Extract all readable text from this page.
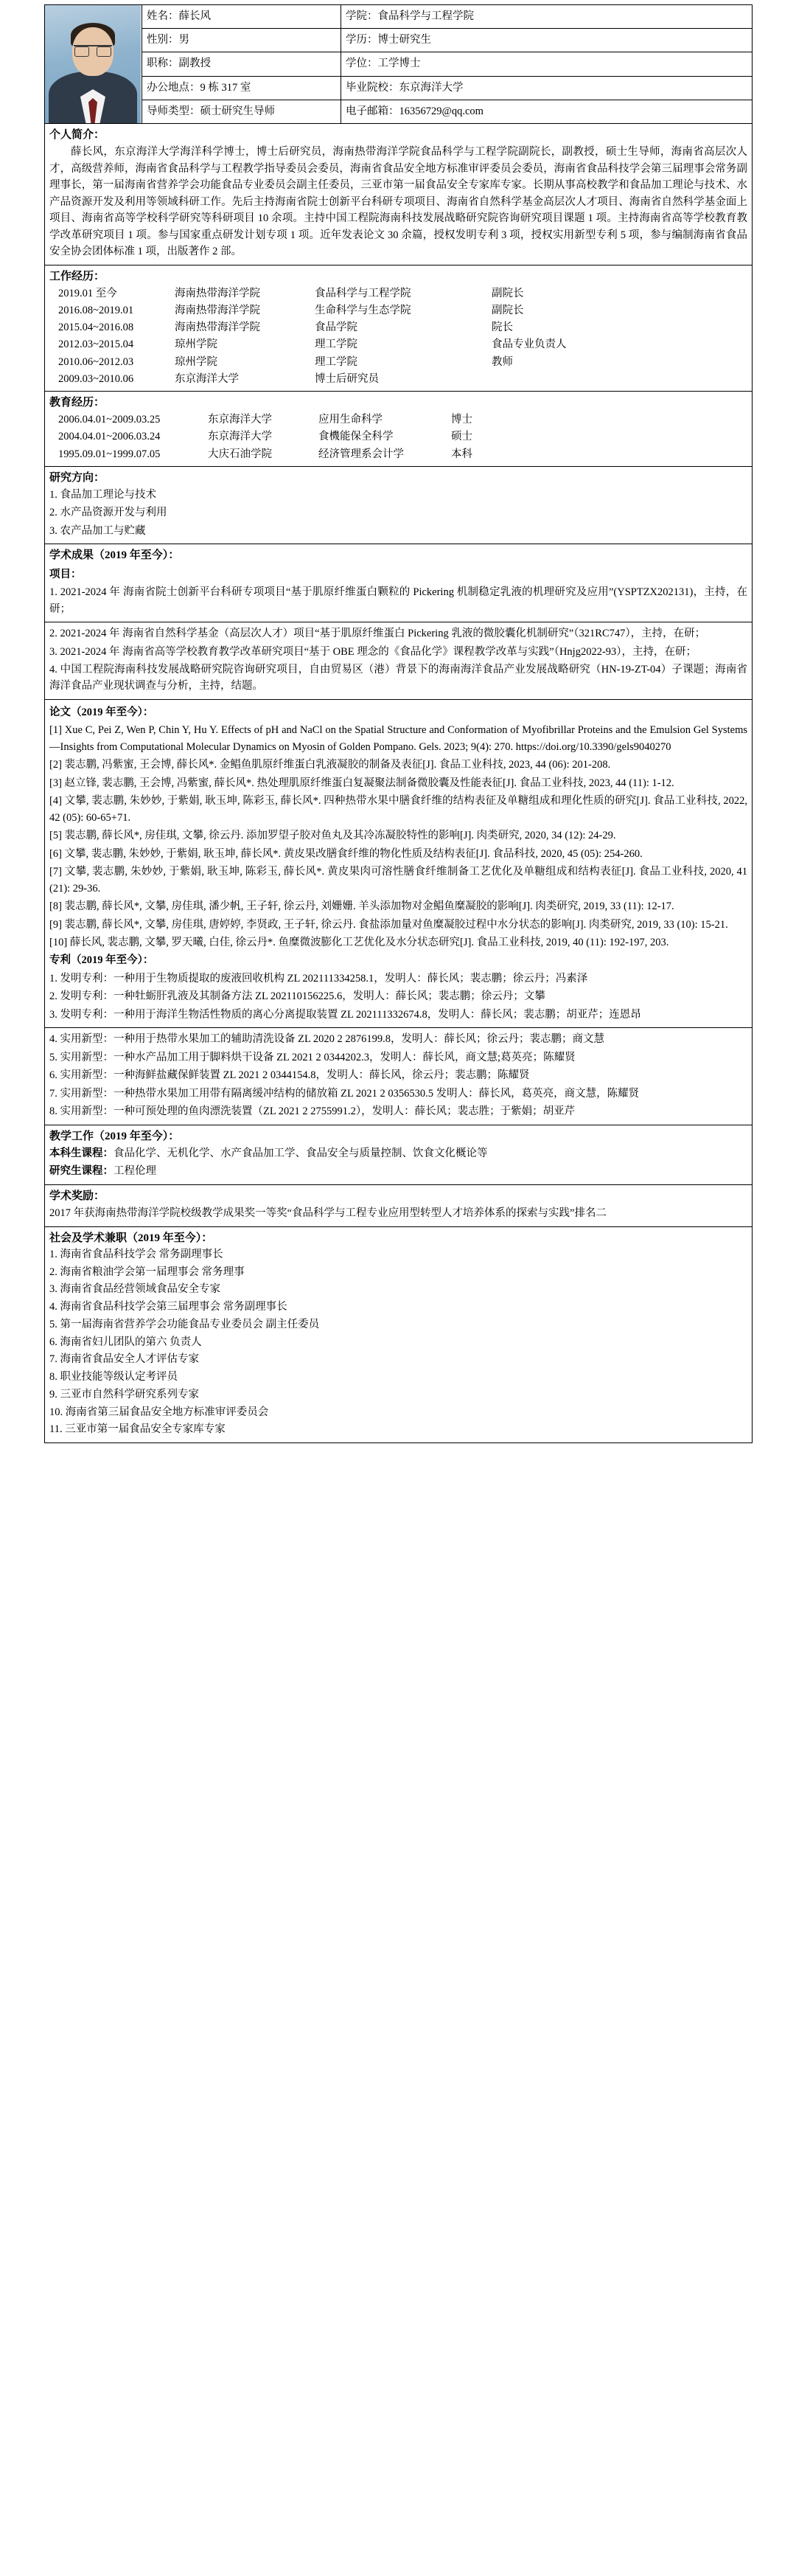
	姓名：薛长风	学院：食品科学与工程学院
	性别：男	学历：博士研究生
	职称：副教授	学位：工学博士
	办公地点：9 栋 317 室	毕业院校：东京海洋大学
	导师类型：硕士研究生导师	电子邮箱：16356729@qq.com

个人简介：

薛长风，东京海洋大学海洋科学博士，博士后研究员，海南热带海洋学院食品科学与工程学院副院长，副教授，硕士生导师，海南省高层次人才，高级营养师，海南省食品科学与工程教学指导委员会委员，海南省食品安全地方标准审评委员会委员，海南省食品科技学会第三届理事会常务副理事长，第一届海南省营养学会功能食品专业委员会副主任委员，三亚市第一届食品安全专家库专家。长期从事高校教学和食品加工理论与技术、水产品资源开发及利用等领域科研工作。先后主持海南省院士创新平台科研专项项目、海南省自然科学基金高层次人才项目、海南省自然科学基金面上项目、海南省高等学校科学研究等科研项目 10 余项。主持中国工程院海南科技发展战略研究院咨询研究项目课题 1 项。主持海南省高等学校教育教学改革研究项目 1 项。参与国家重点研发计划专项 1 项。近年发表论文 30 余篇，授权发明专利 3 项，授权实用新型专利 5 项，参与编制海南省食品安全协会团体标准 1 项，出版著作 2 部。		

工作经历：
2019.01 至今	海南热带海洋学院	食品科学与工程学院	副院长
2016.08~2019.01	海南热带海洋学院	生命科学与生态学院	副院长
2015.04~2016.08	海南热带海洋学院	食品学院	院长
2012.03~2015.04	琼州学院	理工学院	食品专业负责人
2010.06~2012.03	琼州学院	理工学院	教师
2009.03~2010.06	东京海洋大学	博士后研究员

教育经历：
2006.04.01~2009.03.25	东京海洋大学	应用生命科学	博士
2004.04.01~2006.03.24	东京海洋大学	食機能保全科学	硕士
1995.09.01~1999.07.05	大庆石油学院	经济管理系会计学	本科

研究方向：
1. 食品加工理论与技术
2. 水产品资源开发与利用
3. 农产品加工与贮藏		

学术成果（2019 年至今）：
项目：
1. 2021-2024 年 海南省院士创新平台科研专项项目“基于肌原纤维蛋白颗粒的 Pickering 机制稳定乳液的机理研究及应用”(YSPTZX202131)，主持，在研；		

2. 2021-2024 年 海南省自然科学基金（高层次人才）项目“基于肌原纤维蛋白 Pickering 乳液的微胶囊化机制研究”（321RC747），主持，在研；
3. 2021-2024 年 海南省高等学校教育教学改革研究项目“基于 OBE 理念的《食品化学》课程教学改革与实践”（Hnjg2022-93），主持，在研；
4. 中国工程院海南科技发展战略研究院咨询研究项目，自由贸易区（港）背景下的海南海洋食品产业发展战略研究（HN-19-ZT-04）子课题；海南省海洋食品产业现状调查与分析，主持，结题。		

论文（2019 年至今）：
[1] Xue C, Pei Z, Wen P, Chin Y, Hu Y. Effects of pH and NaCl on the Spatial Structure and Conformation of Myofibrillar Proteins and the Emulsion Gel Systems—Insights from Computational Molecular Dynamics on Myosin of Golden Pompano. Gels. 2023; 9(4): 270. https://doi.org/10.3390/gels9040270
[2] 裴志鹏, 冯紫蜜, 王会博, 薛长风*. 金鲳鱼肌原纤维蛋白乳液凝胶的制备及表征[J]. 食品工业科技, 2023, 44 (06): 201-208.
[3] 赵立锋, 裴志鹏, 王会博, 冯紫蜜, 薛长风*. 热处理肌原纤维蛋白复凝聚法制备微胶囊及性能表征[J]. 食品工业科技, 2023, 44 (11): 1-12.
[4] 文攀, 裴志鹏, 朱妙妙, 于紫娟, 耿玉坤, 陈彩玉, 薛长风*. 四种热带水果中膳食纤维的结构表征及单糖组成和理化性质的研究[J]. 食品工业科技, 2022, 42 (05): 60-65+71.
[5] 裴志鹏, 薛长风*, 房佳琪, 文攀, 徐云丹. 添加罗望子胶对鱼丸及其冷冻凝胶特性的影响[J]. 肉类研究, 2020, 34 (12): 24-29.
[6] 文攀, 裴志鹏, 朱妙妙, 于紫娟, 耿玉坤, 薛长风*. 黄皮果改膳食纤维的物化性质及结构表征[J]. 食品科技, 2020, 45 (05): 254-260.
[7] 文攀, 裴志鹏, 朱妙妙, 于紫娟, 耿玉坤, 陈彩玉, 薛长风*. 黄皮果肉可溶性膳食纤维制备工艺优化及单糖组成和结构表征[J]. 食品工业科技, 2020, 41 (21): 29-36.
[8] 裴志鹏, 薛长风*, 文攀, 房佳琪, 潘少帆, 王子轩, 徐云丹, 刘姗姗. 羊头添加物对金鲳鱼糜凝胶的影响[J]. 肉类研究, 2019, 33 (11): 12-17.
[9] 裴志鹏, 薛长风*, 文攀, 房佳琪, 唐婷婷, 李贤政, 王子轩, 徐云丹. 食盐添加量对鱼糜凝胶过程中水分状态的影响[J]. 肉类研究, 2019, 33 (10): 15-21.
[10] 薛长风, 裴志鹏, 文攀, 罗天曦, 白佳, 徐云丹*. 鱼糜微波膨化工艺优化及水分状态研究[J]. 食品工业科技, 2019, 40 (11): 192-197, 203.
专利（2019 年至今）：
1. 发明专利：一种用于生物质提取的废液回收机构 ZL 202111334258.1，发明人：薛长风；裴志鹏；徐云丹；冯素泽
2. 发明专利：一种牡蛎肝乳液及其制备方法 ZL 202110156225.6，发明人：薛长风；裴志鹏；徐云丹；文攀
3. 发明专利：一种用于海洋生物活性物质的离心分离提取装置 ZL 202111332674.8，发明人：薛长风；裴志鹏；胡亚芹；连恩昂

4. 实用新型：一种用于热带水果加工的辅助清洗设备 ZL 2020 2 2876199.8，发明人：薛长风；徐云丹；裴志鹏；商文慧
5. 实用新型：一种水产品加工用于脚料烘干设备 ZL 2021 2 0344202.3，发明人：薛长风，商文慧;葛英亮；陈耀贤
6. 实用新型：一种海鲜盐藏保鲜装置 ZL 2021 2 0344154.8，发明人：薛长风，徐云丹；裴志鹏；陈耀贤
7. 实用新型：一种热带水果加工用带有隔离缓冲结构的储放箱 ZL 2021 2 0356530.5 发明人：薛长风，葛英亮，商文慧，陈耀贤
8. 实用新型：一种可预处理的鱼肉漂洗装置（ZL 2021 2 2755991.2），发明人：薛长风；裴志胜；于紫娟；胡亚芹		

教学工作（2019 年至今）：
本科生课程：食品化学、无机化学、水产食品加工学、食品安全与质量控制、饮食文化概论等
研究生课程：工程伦理		

学术奖励：
2017 年获海南热带海洋学院校级教学成果奖一等奖“食品科学与工程专业应用型转型人才培养体系的探索与实践”排名二		

社会及学术兼职（2019 年至今）：
1. 海南省食品科技学会 常务副理事长
2. 海南省粮油学会第一届理事会 常务理事
3. 海南省食品经营领域食品安全专家
4. 海南省食品科技学会第三届理事会 常务副理事长
5. 第一届海南省营养学会功能食品专业委员会 副主任委员
6. 海南省妇儿团队的第六 负责人
7. 海南省食品安全人才评估专家
8. 职业技能等级认定考评员
9. 三亚市自然科学研究系列专家
10. 海南省第三届食品安全地方标准审评委员会
11. 三亚市第一届食品安全专家库专家
